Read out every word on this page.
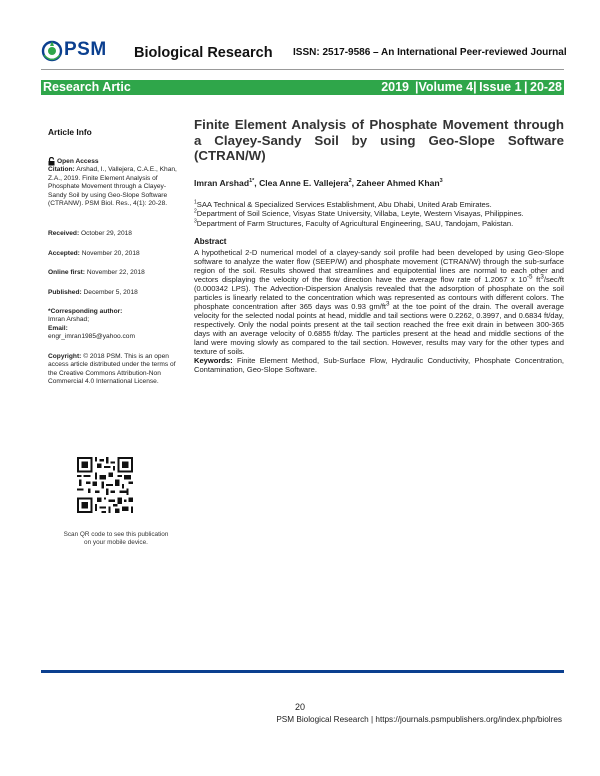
PSM Biological Research ISSN: 2517-9586 – An International Peer-reviewed Journal
Research Artic	2019  |Volume 4| Issue 1 | 20-28

Article Info

Open Access

Citation: Arshad, I., Vallejera, C.A.E., Khan, Z.A., 2019. Finite Element Analysis of Phosphate Movement through a Clayey-Sandy Soil by using Geo-Slope Software (CTRANW). PSM Biol. Res., 4(1): 20-28.

Received: October 29, 2018

Accepted: November 20, 2018

Online first: November 22, 2018

Published: December 5, 2018

*Corresponding author:

Imran Arshad;

Email:

engr_imran1985@yahoo.com

Copyright: © 2018 PSM. This is an open access article distributed under the terms of the Creative Commons Attribution-Non Commercial 4.0 International License.

Scan QR code to see this publication on your mobile device.
Finite Element Analysis of Phosphate Movement through a Clayey-Sandy Soil by using Geo-Slope Software (CTRAN/W)

Imran Arshad$^{1*}$, Clea Anne E. Vallejera$^2$, Zaheer Ahmed Khan$^3$

$^1$SAA Technical & Specialized Services Establishment, Abu Dhabi, United Arab Emirates.

$^2$Department of Soil Science, Visyas State University, Villaba, Leyte, Western Visayas, Philippines.

$^3$Department of Farm Structures, Faculty of Agricultural Engineering, SAU, Tandojam, Pakistan.

Abstract

A hypothetical 2-D numerical model of a clayey-sandy soil profile had been developed by using Geo-Slope software to analyze the water flow (SEEP/W) and phosphate movement (CTRAN/W) through the sub-surface region of the soil. Results showed that streamlines and equipotential lines are normal to each other and vectors displaying the velocity of the flow direction have the average flow rate of 1.2067 x $10^{-5}$ $ft^3/\sec/ft$ (0.000342 LPS). The Advection-Dispersion Analysis revealed that the adsorption of phosphate on the soil particles is linearly related to the concentration which was represented as contours with different colors. The phosphate concentration after 365 days was 0.93 $gm/ft^3$ at the toe point of the drain. The overall average velocity for the selected nodal points at head, middle and tail sections were 0.2262, 0.3997, and 0.6834 ft/day, respectively. Only the nodal points present at the tail section reached the free exit drain in between 300-365 days with an average velocity of 0.6855 ft/day. The particles present at the head and middle sections of the land were moving slowly as compared to the tail section. However, results may vary for the other types and texture of soils.

Keywords: Finite Element Method, Sub-Surface Flow, Hydraulic Conductivity, Phosphate Concentration, Contamination, Geo-Slope Software.

20
PSM Biological Research | https://journals.psmpublishers.org/index.php/biolres
